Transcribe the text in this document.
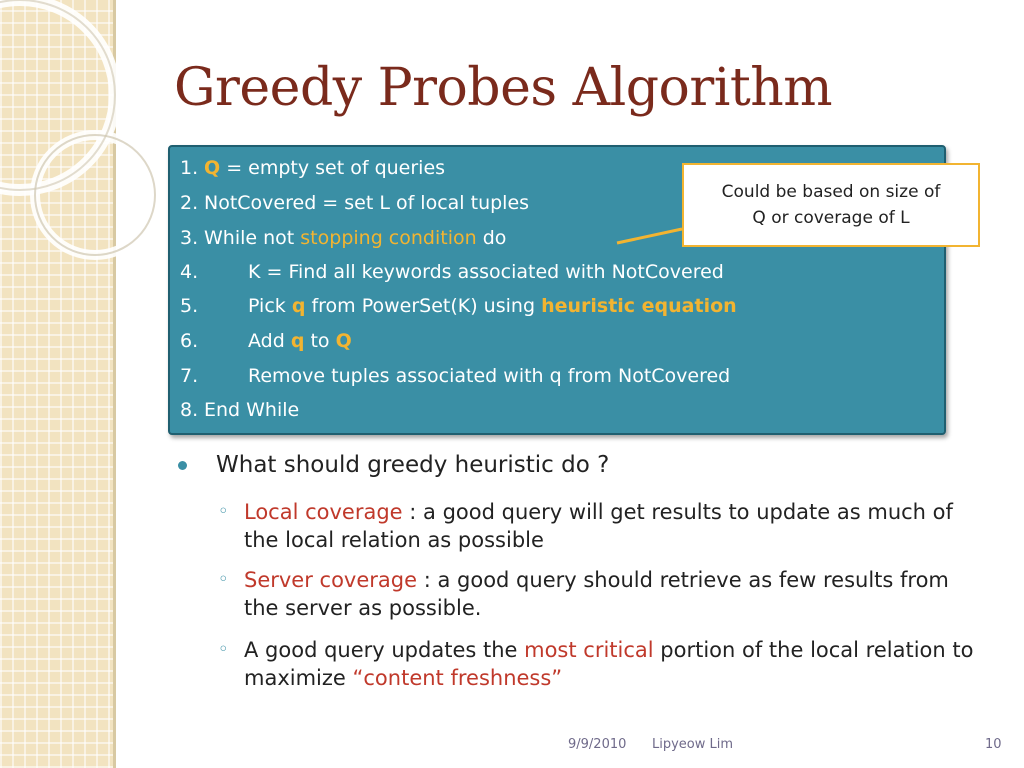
Greedy Probes Algorithm
1. Q = empty set of queries
2. NotCovered = set L of local tuples
3. While not stopping condition do
4.	K = Find all keywords associated with NotCovered
5.	Pick q from PowerSet(K) using heuristic equation
6.	Add q to Q
7.	Remove tuples associated with q from NotCovered
8. End While
Could be based on size of
Q or coverage of L
What should greedy heuristic do ?
◦ Local coverage : a good query will get results to update as much of the local relation as possible
◦ Server coverage : a good query should retrieve as few results from the server as possible.
◦ A good query updates the most critical portion of the local relation to maximize “content freshness”
9/9/2010 Lipyeow Lim	10
